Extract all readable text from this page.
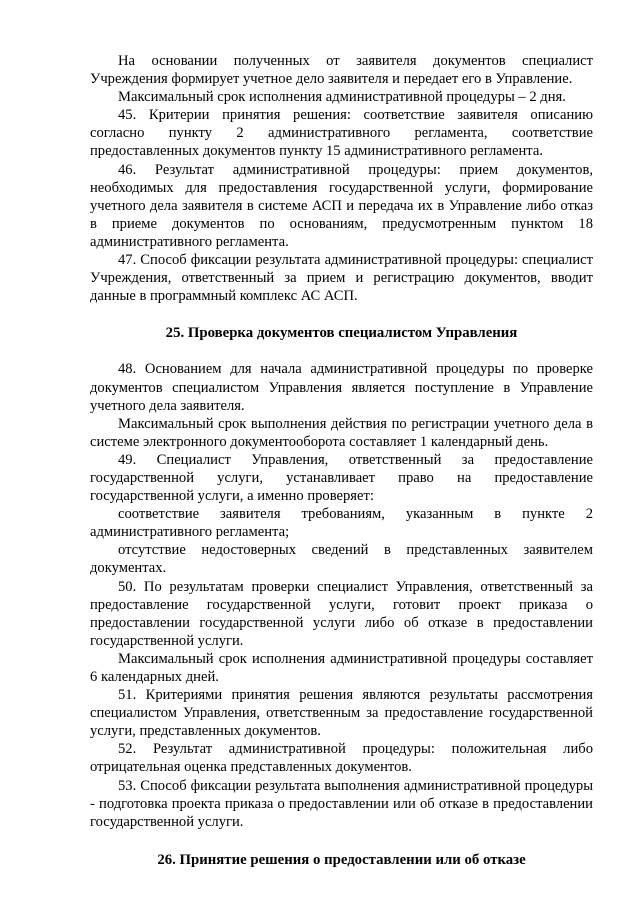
На основании полученных от заявителя документов специалист Учреждения формирует учетное дело заявителя и передает его в Управление.

Максимальный срок исполнения административной процедуры – 2 дня.

45. Критерии принятия решения: соответствие заявителя описанию согласно пункту 2 административного регламента, соответствие предоставленных документов пункту 15 административного регламента.

46. Результат административной процедуры: прием документов, необходимых для предоставления государственной услуги, формирование учетного дела заявителя в системе АСП и передача их в Управление либо отказ в приеме документов по основаниям, предусмотренным пунктом 18 административного регламента.

47. Способ фиксации результата административной процедуры: специалист Учреждения, ответственный за прием и регистрацию документов, вводит данные в программный комплекс АС АСП.

25. Проверка документов специалистом Управления

48. Основанием для начала административной процедуры по проверке документов специалистом Управления является поступление в Управление учетного дела заявителя.

Максимальный срок выполнения действия по регистрации учетного дела в системе электронного документооборота составляет 1 календарный день.

49. Специалист Управления, ответственный за предоставление государственной услуги, устанавливает право на предоставление государственной услуги, а именно проверяет:

соответствие заявителя требованиям, указанным в пункте 2 административного регламента;

отсутствие недостоверных сведений в представленных заявителем документах.

50. По результатам проверки специалист Управления, ответственный за предоставление государственной услуги, готовит проект приказа о предоставлении государственной услуги либо об отказе в предоставлении государственной услуги.

Максимальный срок исполнения административной процедуры составляет 6 календарных дней.

51. Критериями принятия решения являются результаты рассмотрения специалистом Управления, ответственным за предоставление государственной услуги, представленных документов.

52. Результат административной процедуры: положительная либо отрицательная оценка представленных документов.

53. Способ фиксации результата выполнения административной процедуры - подготовка проекта приказа о предоставлении или об отказе в предоставлении государственной услуги.

26. Принятие решения о предоставлении или об отказе
